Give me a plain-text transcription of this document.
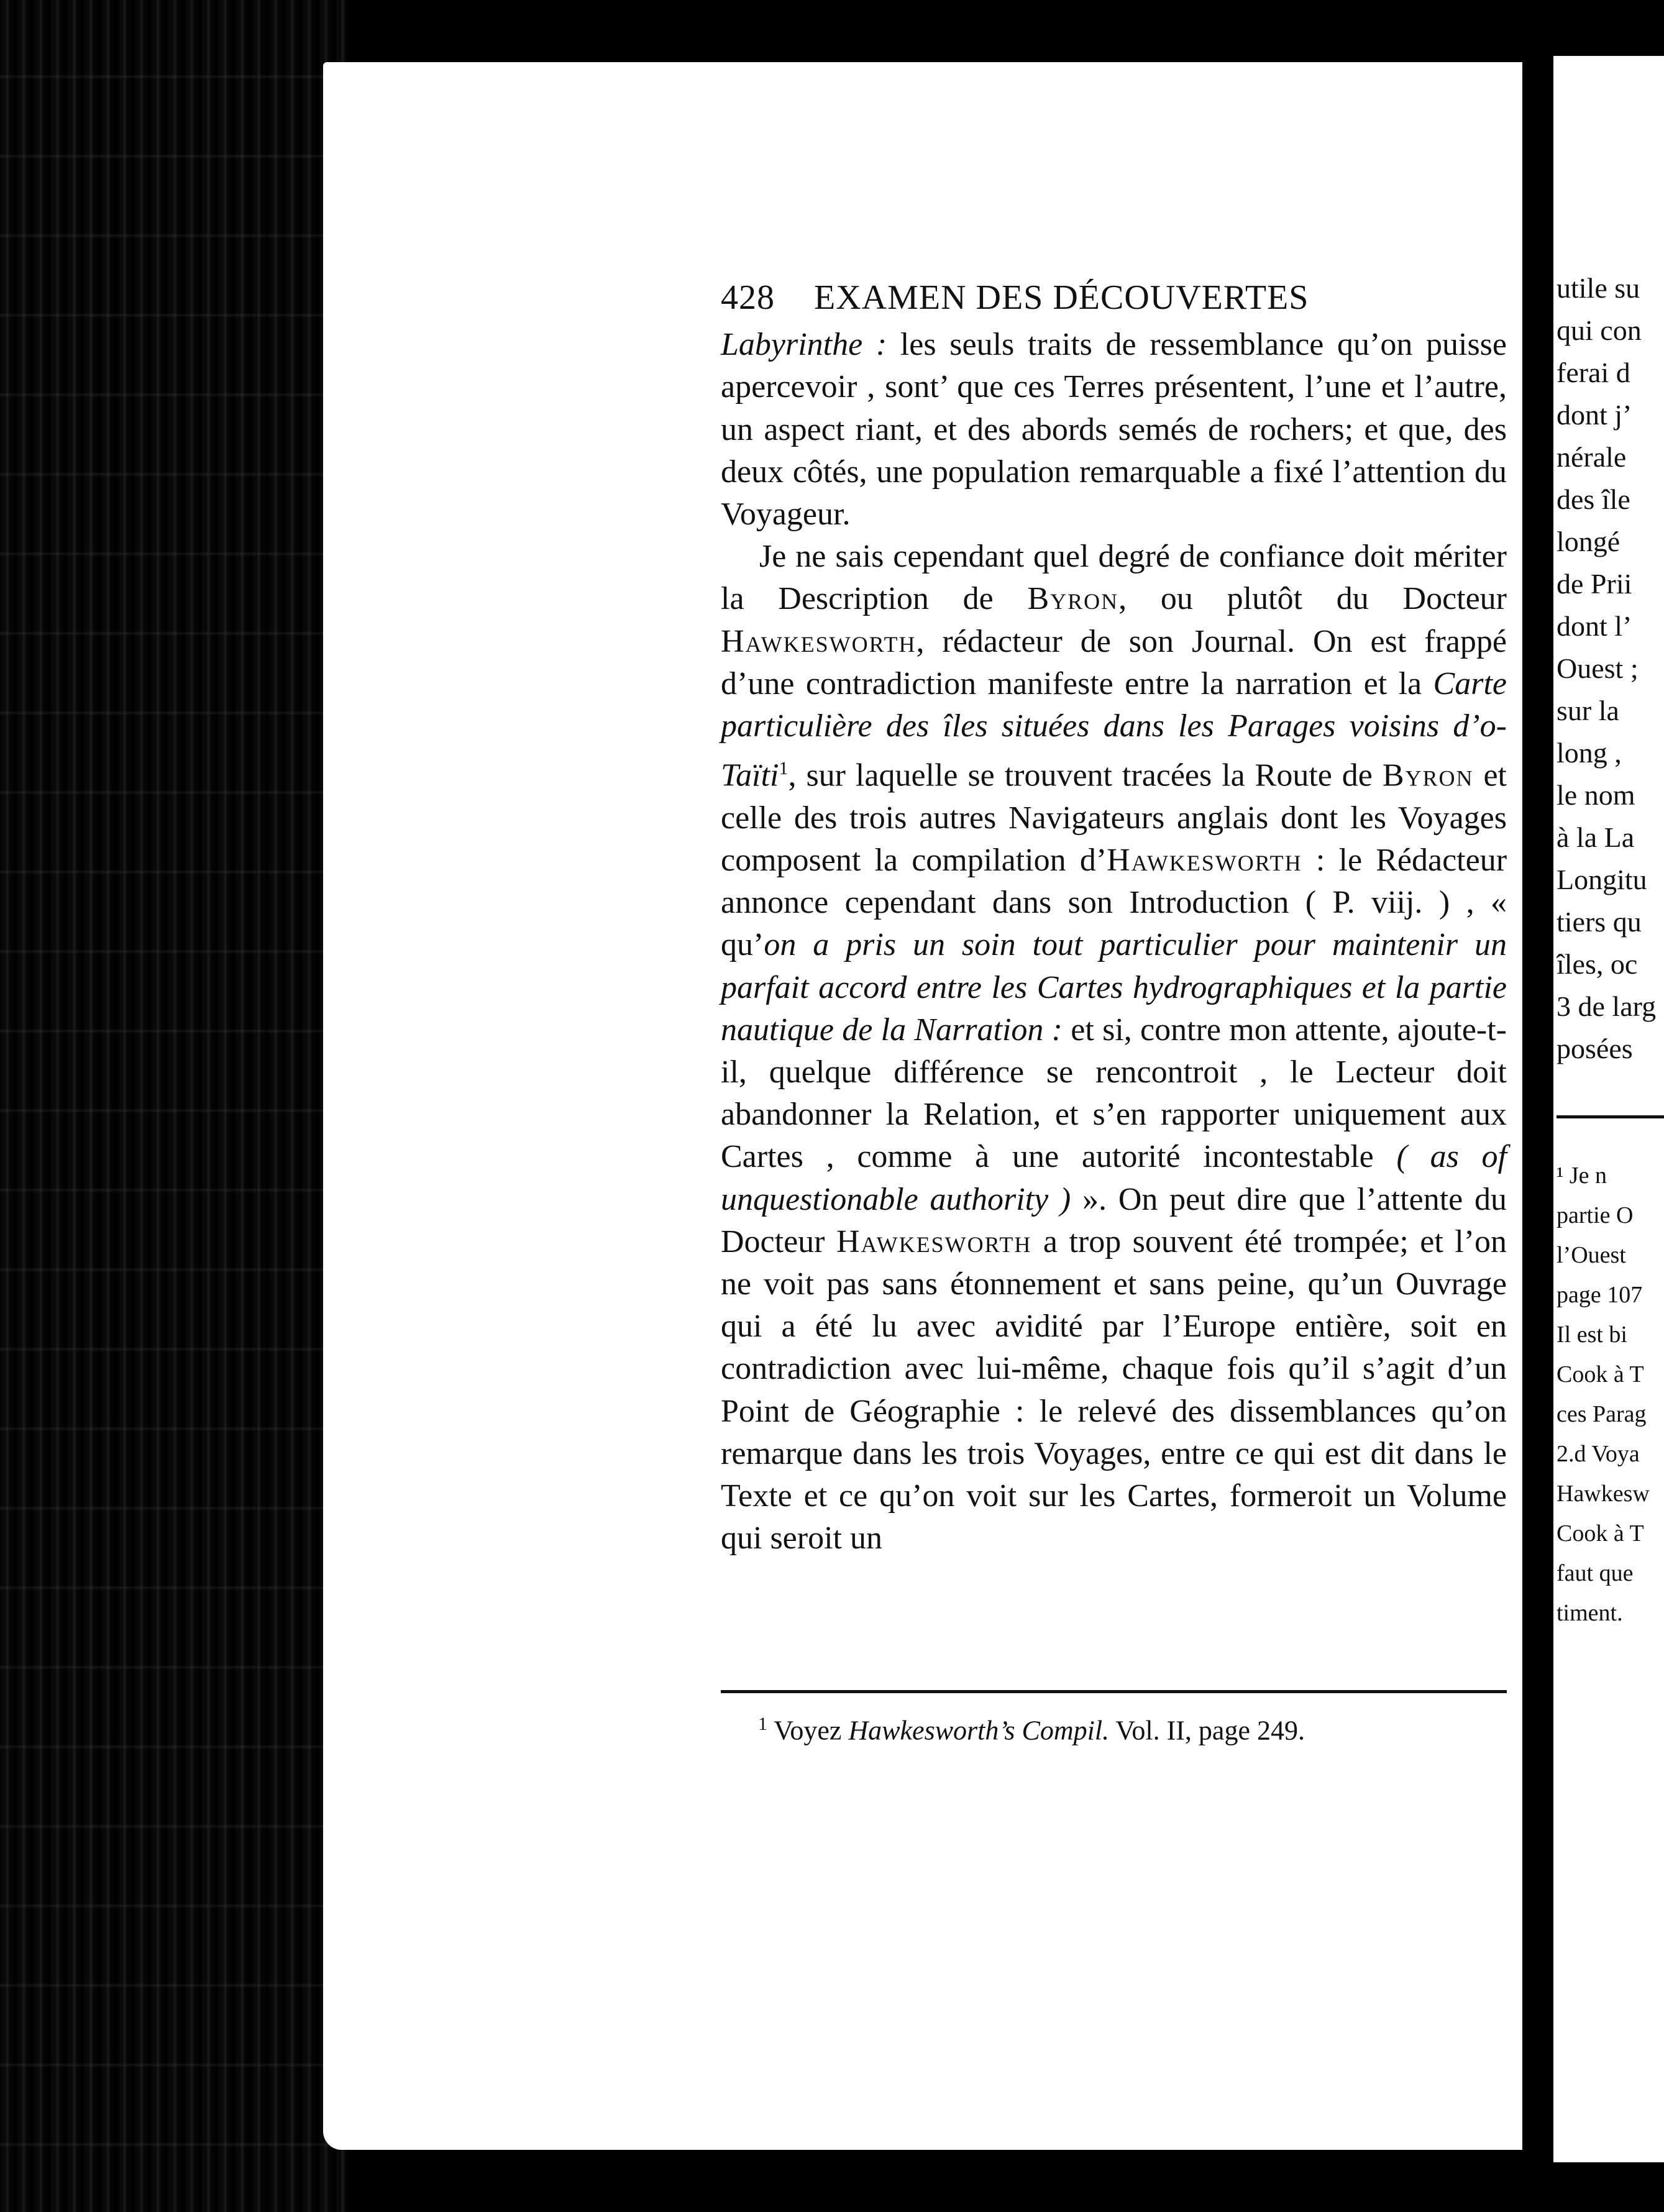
428	EXAMEN DES DÉCOUVERTES

Labyrinthe : les seuls traits de ressemblance qu’on puisse apercevoir , sont’ que ces Terres présentent, l’une et l’autre, un aspect riant, et des abords semés de rochers; et que, des deux côtés, une population remarquable a fixé l’attention du Voyageur.

Je ne sais cependant quel degré de confiance doit mériter la Description de Byron, ou plutôt du Docteur Hawkesworth, rédacteur de son Journal. On est frappé d’une contradiction manifeste entre la narration et la Carte particulière des îles situées dans les Parages voisins d’o-Taïti$^1$, sur laquelle se trouvent tracées la Route de Byron et celle des trois autres Navigateurs anglais dont les Voyages composent la compilation d’Hawkesworth : le Rédacteur annonce cependant dans son Introduction ( P. viij. ) , « qu’on a pris un soin tout particulier pour maintenir un parfait accord entre les Cartes hydrographiques et la partie nautique de la Narration : et si, contre mon attente, ajoute-t-il, quelque différence se rencontroit , le Lecteur doit abandonner la Relation, et s’en rapporter uniquement aux Cartes , comme à une autorité incontestable ( as of unquestionable authority ) ». On peut dire que l’attente du Docteur Hawkesworth a trop souvent été trompée; et l’on ne voit pas sans étonnement et sans peine, qu’un Ouvrage qui a été lu avec avidité par l’Europe entière, soit en contradiction avec lui-même, chaque fois qu’il s’agit d’un Point de Géographie : le relevé des dissemblances qu’on remarque dans les trois Voyages, entre ce qui est dit dans le Texte et ce qu’on voit sur les Cartes, formeroit un Volume qui seroit un

$^1$ Voyez Hawkesworth’s Compil. Vol. II, page 249.
utile su
qui con
ferai d
dont j’
nérale
des île
longé
de Prii
dont l’
Ouest ;
sur la
long ,
le nom
à la La
Longitu
tiers qu
îles, oc
3 de larg
posées
¹ Je n
partie O
l’Ouest
page 107
Il est bi
Cook à T
ces Parag
2.d Voya
Hawkesw
Cook à T
faut que
timent.
